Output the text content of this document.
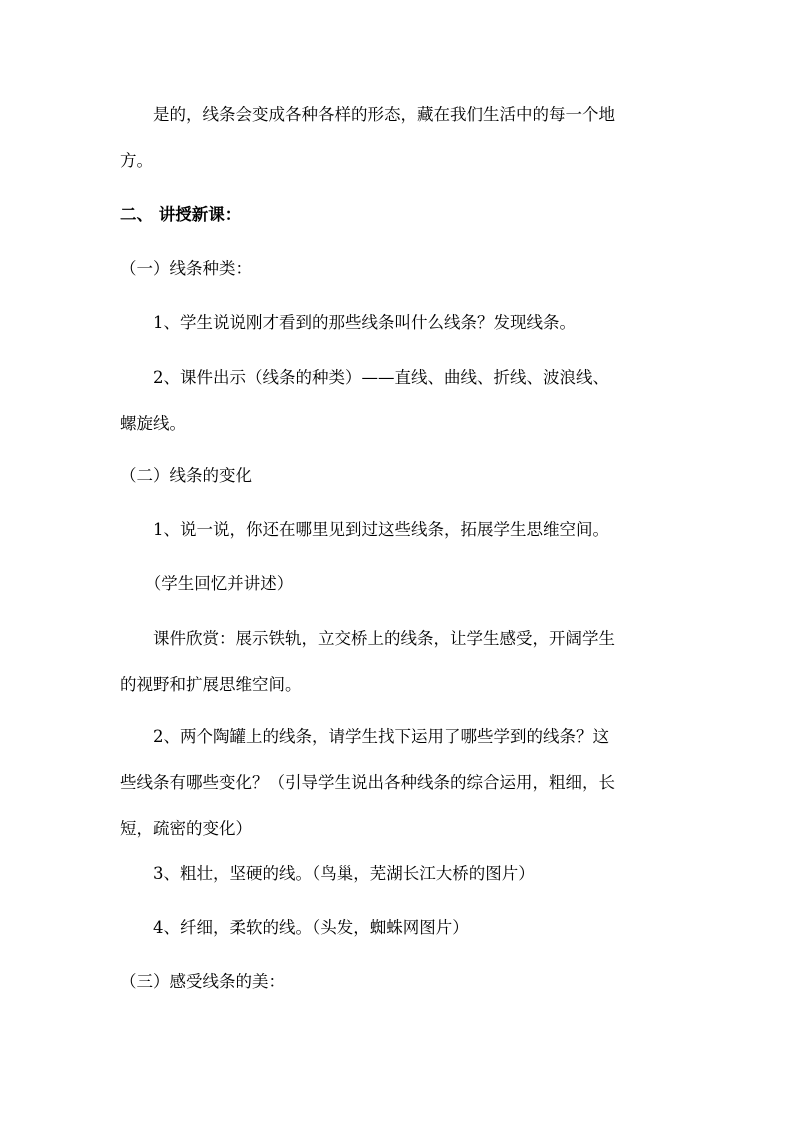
　　是的，线条会变成各种各样的形态，藏在我们生活中的每一个地
方。

二、 讲授新课：

（一）线条种类：

　　1、学生说说刚才看到的那些线条叫什么线条？发现线条。

　　2、课件出示（线条的种类）——直线、曲线、折线、波浪线、
螺旋线。

（二）线条的变化

　　1、说一说，你还在哪里见到过这些线条，拓展学生思维空间。

　　（学生回忆并讲述）

　　课件欣赏：展示铁轨，立交桥上的线条，让学生感受，开阔学生
的视野和扩展思维空间。

　　2、两个陶罐上的线条，请学生找下运用了哪些学到的线条？这
些线条有哪些变化？（引导学生说出各种线条的综合运用，粗细，长
短，疏密的变化）

　　3、粗壮，坚硬的线。（鸟巢，芜湖长江大桥的图片）

　　4、纤细，柔软的线。（头发，蜘蛛网图片）

（三）感受线条的美：
